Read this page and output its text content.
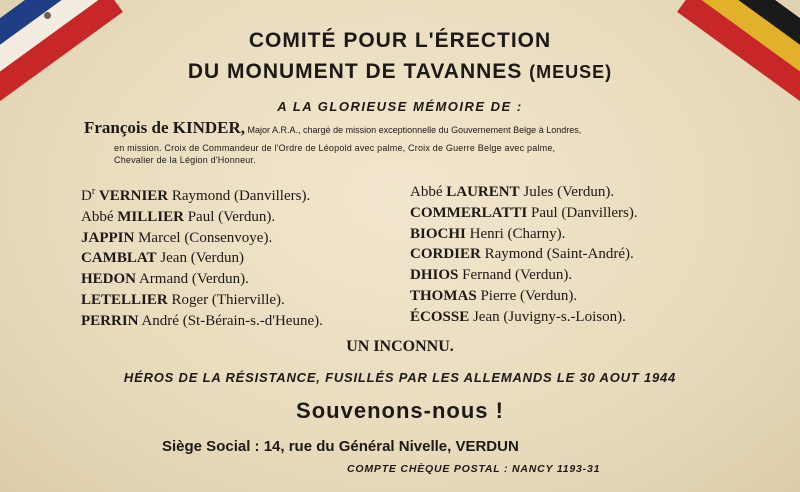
COMITÉ POUR L'ÉRECTION
DU MONUMENT DE TAVANNES (MEUSE)
A LA GLORIEUSE MÉMOIRE DE :
François de KINDER, Major A.R.A., chargé de mission exceptionnelle du Gouvernement Belge à Londres,
en mission. Croix de Commandeur de l'Ordre de Léopold avec palme, Croix de Guerre Belge avec palme,
Chevalier de la Légion d'Honneur.
$D^r$ VERNIER Raymond (Danvillers).
Abbé MILLIER Paul (Verdun).
JAPPIN Marcel (Consenvoye).
CAMBLAT Jean (Verdun)
HEDON Armand (Verdun).
LETELLIER Roger (Thierville).
PERRIN André (St-Bérain-s.-d'Heune).
Abbé LAURENT Jules (Verdun).
COMMERLATTI Paul (Danvillers).
BIOCHI Henri (Charny).
CORDIER Raymond (Saint-André).
DHIOS Fernand (Verdun).
THOMAS Pierre (Verdun).
ÉCOSSE Jean (Juvigny-s.-Loison).
UN INCONNU.
HÉROS DE LA RÉSISTANCE, FUSILLÉS PAR LES ALLEMANDS LE 30 AOUT 1944
Souvenons-nous !
Siège Social : 14, rue du Général Nivelle, VERDUN
COMPTE CHÈQUE POSTAL : NANCY 1193-31
